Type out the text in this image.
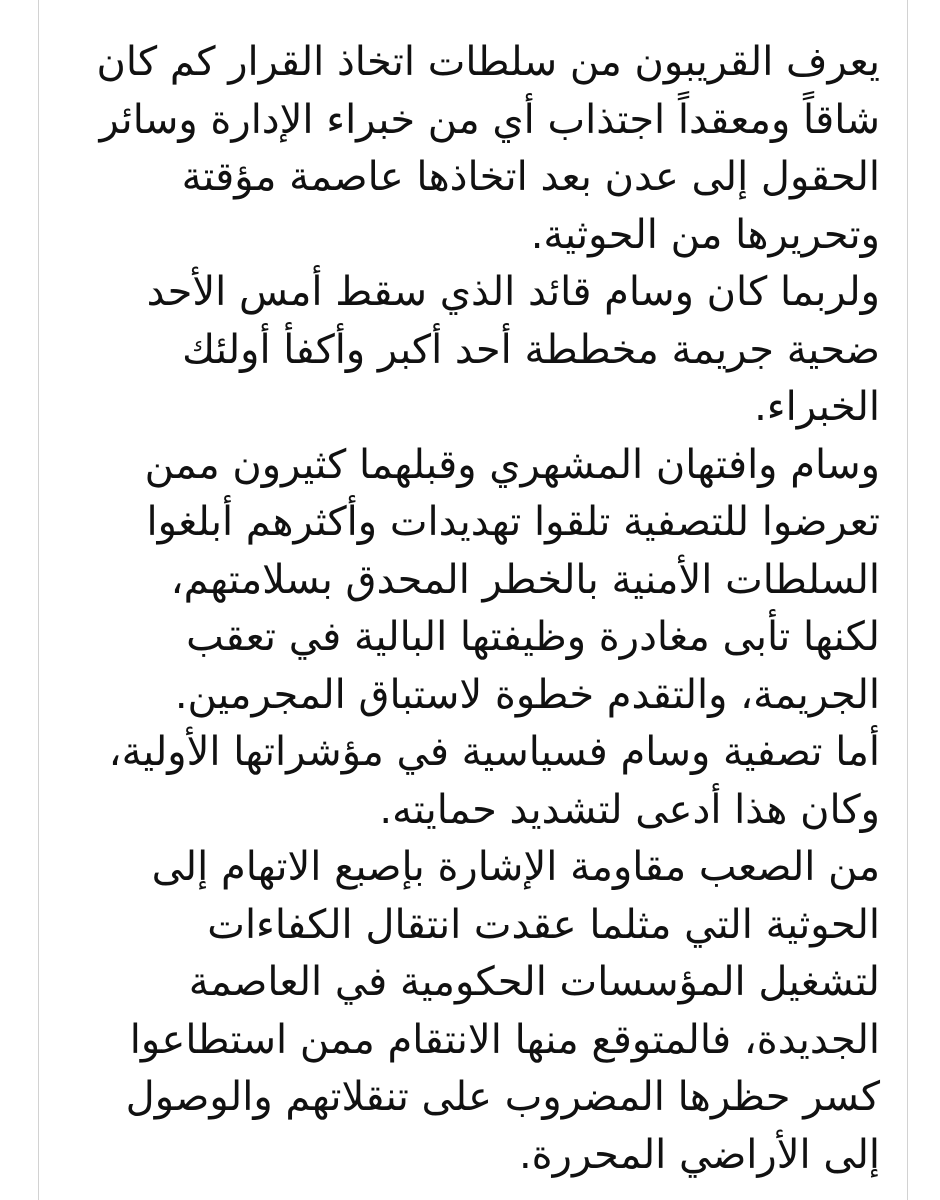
يعرف القريبون من سلطات اتخاذ القرار كم كان
شاقاً ومعقداً اجتذاب أي من خبراء الإدارة وسائر
الحقول إلى عدن بعد اتخاذها عاصمة مؤقتة
وتحريرها من الحوثية.
ولربما كان وسام قائد الذي سقط أمس الأحد
ضحية جريمة مخططة أحد أكبر وأكفأ أولئك
الخبراء.
وسام وافتهان المشهري وقبلهما كثيرون ممن
تعرضوا للتصفية تلقوا تهديدات وأكثرهم أبلغوا
السلطات الأمنية بالخطر المحدق بسلامتهم،
لكنها تأبى مغادرة وظيفتها البالية في تعقب
الجريمة، والتقدم خطوة لاستباق المجرمين.
أما تصفية وسام فسياسية في مؤشراتها الأولية،
وكان هذا أدعى لتشديد حمايته.
من الصعب مقاومة الإشارة بإصبع الاتهام إلى
الحوثية التي مثلما عقدت انتقال الكفاءات
لتشغيل المؤسسات الحكومية في العاصمة
الجديدة، فالمتوقع منها الانتقام ممن استطاعوا
كسر حظرها المضروب على تنقلاتهم والوصول
إلى الأراضي المحررة.
